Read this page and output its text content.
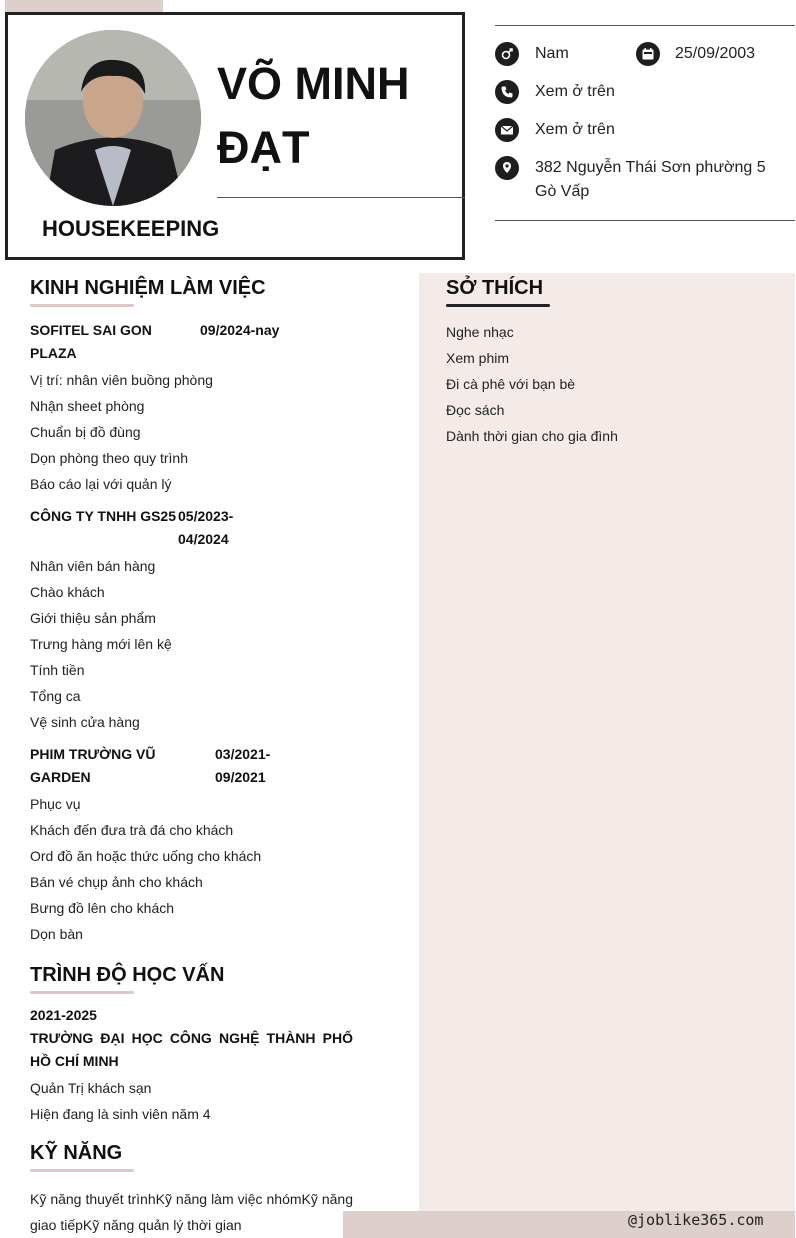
VÕ MINH ĐẠT
HOUSEKEEPING
Nam	25/09/2003
Xem ở trên
Xem ở trên
382 Nguyễn Thái Sơn phường 5 Gò Vấp
KINH NGHIỆM LÀM VIỆC
SOFITEL SAI GON PLAZA
09/2024-nay
Vị trí: nhân viên buồng phòng
Nhận sheet phòng
Chuẩn bị đồ đùng
Dọn phòng theo quy trình
Báo cáo lại với quản lý
CÔNG TY TNHH GS25 05/2023-04/2024
Nhân viên bán hàng
Chào khách
Giới thiệu sản phẩm
Trưng hàng mới lên kệ
Tính tiền
Tổng ca
Vệ sinh cửa hàng
PHIM TRƯỜNG VŨ GARDEN
03/2021-09/2021
Phục vụ
Khách đến đưa trà đá cho khách
Ord đồ ăn hoặc thức uống cho khách
Bán vé chụp ảnh cho khách
Bưng đồ lên cho khách
Dọn bàn
TRÌNH ĐỘ HỌC VẤN
2021-2025
TRƯỜNG ĐẠI HỌC CÔNG NGHỆ THÀNH PHỐ HỒ CHÍ MINH
Quản Trị khách sạn
Hiện đang là sinh viên năm 4
KỸ NĂNG
Kỹ năng thuyết trìnhKỹ năng làm việc nhómKỹ năng giao tiếpKỹ năng quản lý thời gian
SỞ THÍCH
Nghe nhạc
Xem phim
Đi cà phê với bạn bè
Đọc sách
Dành thời gian cho gia đình
@joblike365.com
